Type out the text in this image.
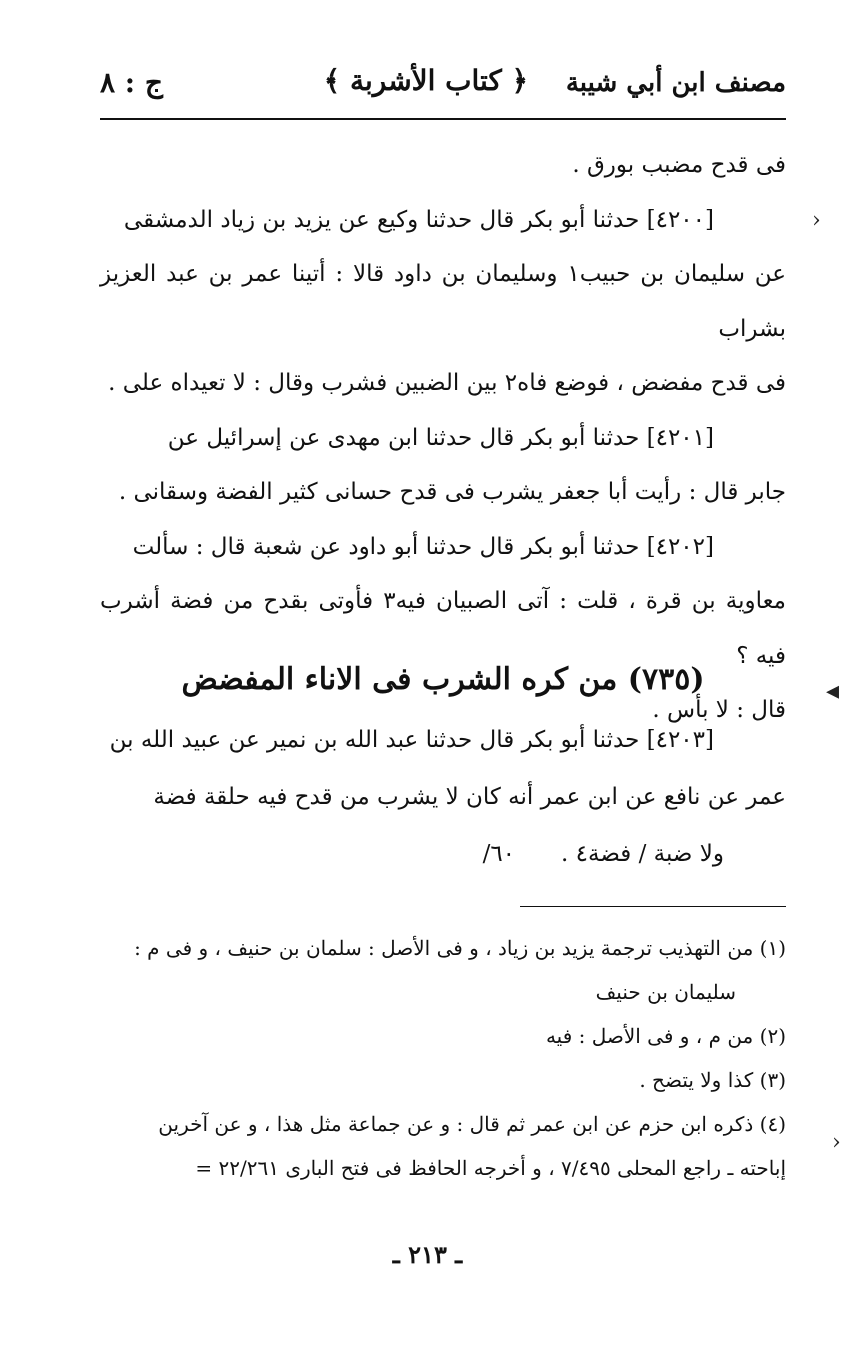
مصنف ابن أبي شيبة
﴿ كتاب الأشربة ﴾
ج : ٨

فى قدح مضبب بورق .

[٤٢٠٠] حدثنا أبو بكر قال حدثنا وكيع عن يزيد بن زياد الدمشقى

عن سليمان بن حبيب١ وسليمان بن داود قالا : أتينا عمر بن عبد العزيز بشراب

فى قدح مفضض ، فوضع فاه٢ بين الضبين فشرب وقال : لا تعيداه على .

[٤٢٠١] حدثنا أبو بكر قال حدثنا ابن مهدى عن إسرائيل عن

جابر قال : رأيت أبا جعفر يشرب فى قدح حسانى كثير الفضة وسقانى .

[٤٢٠٢] حدثنا أبو بكر قال حدثنا أبو داود عن شعبة قال : سألت

معاوية بن قرة ، قلت : آتى الصبيان فيه٣ فأوتى بقدح من فضة أشرب فيه ؟

قال : لا بأس .

(٧٣٥) من كره الشرب فى الاناء المفضض

[٤٢٠٣] حدثنا أبو بكر قال حدثنا عبد الله بن نمير عن عبيد الله بن

عمر عن نافع عن ابن عمر أنه كان لا يشرب من قدح فيه حلقة فضة

ولا ضبة / فضة٤ .
٦٠/

(١) من التهذيب ترجمة يزيد بن زياد ، و فى الأصل : سلمان بن حنيف ، و فى م :

سليمان بن حنيف

(٢) من م ، و فى الأصل : فيه

(٣) كذا ولا يتضح .

(٤) ذكره ابن حزم عن ابن عمر ثم قال : و عن جماعة مثل هذا ، و عن آخرين

إباحته ـ راجع المحلى ٧/٤٩٥ ، و أخرجه الحافظ فى فتح البارى ٢٢/٢٦١ =

ـ ٢١٣ ـ
›
◂
›
